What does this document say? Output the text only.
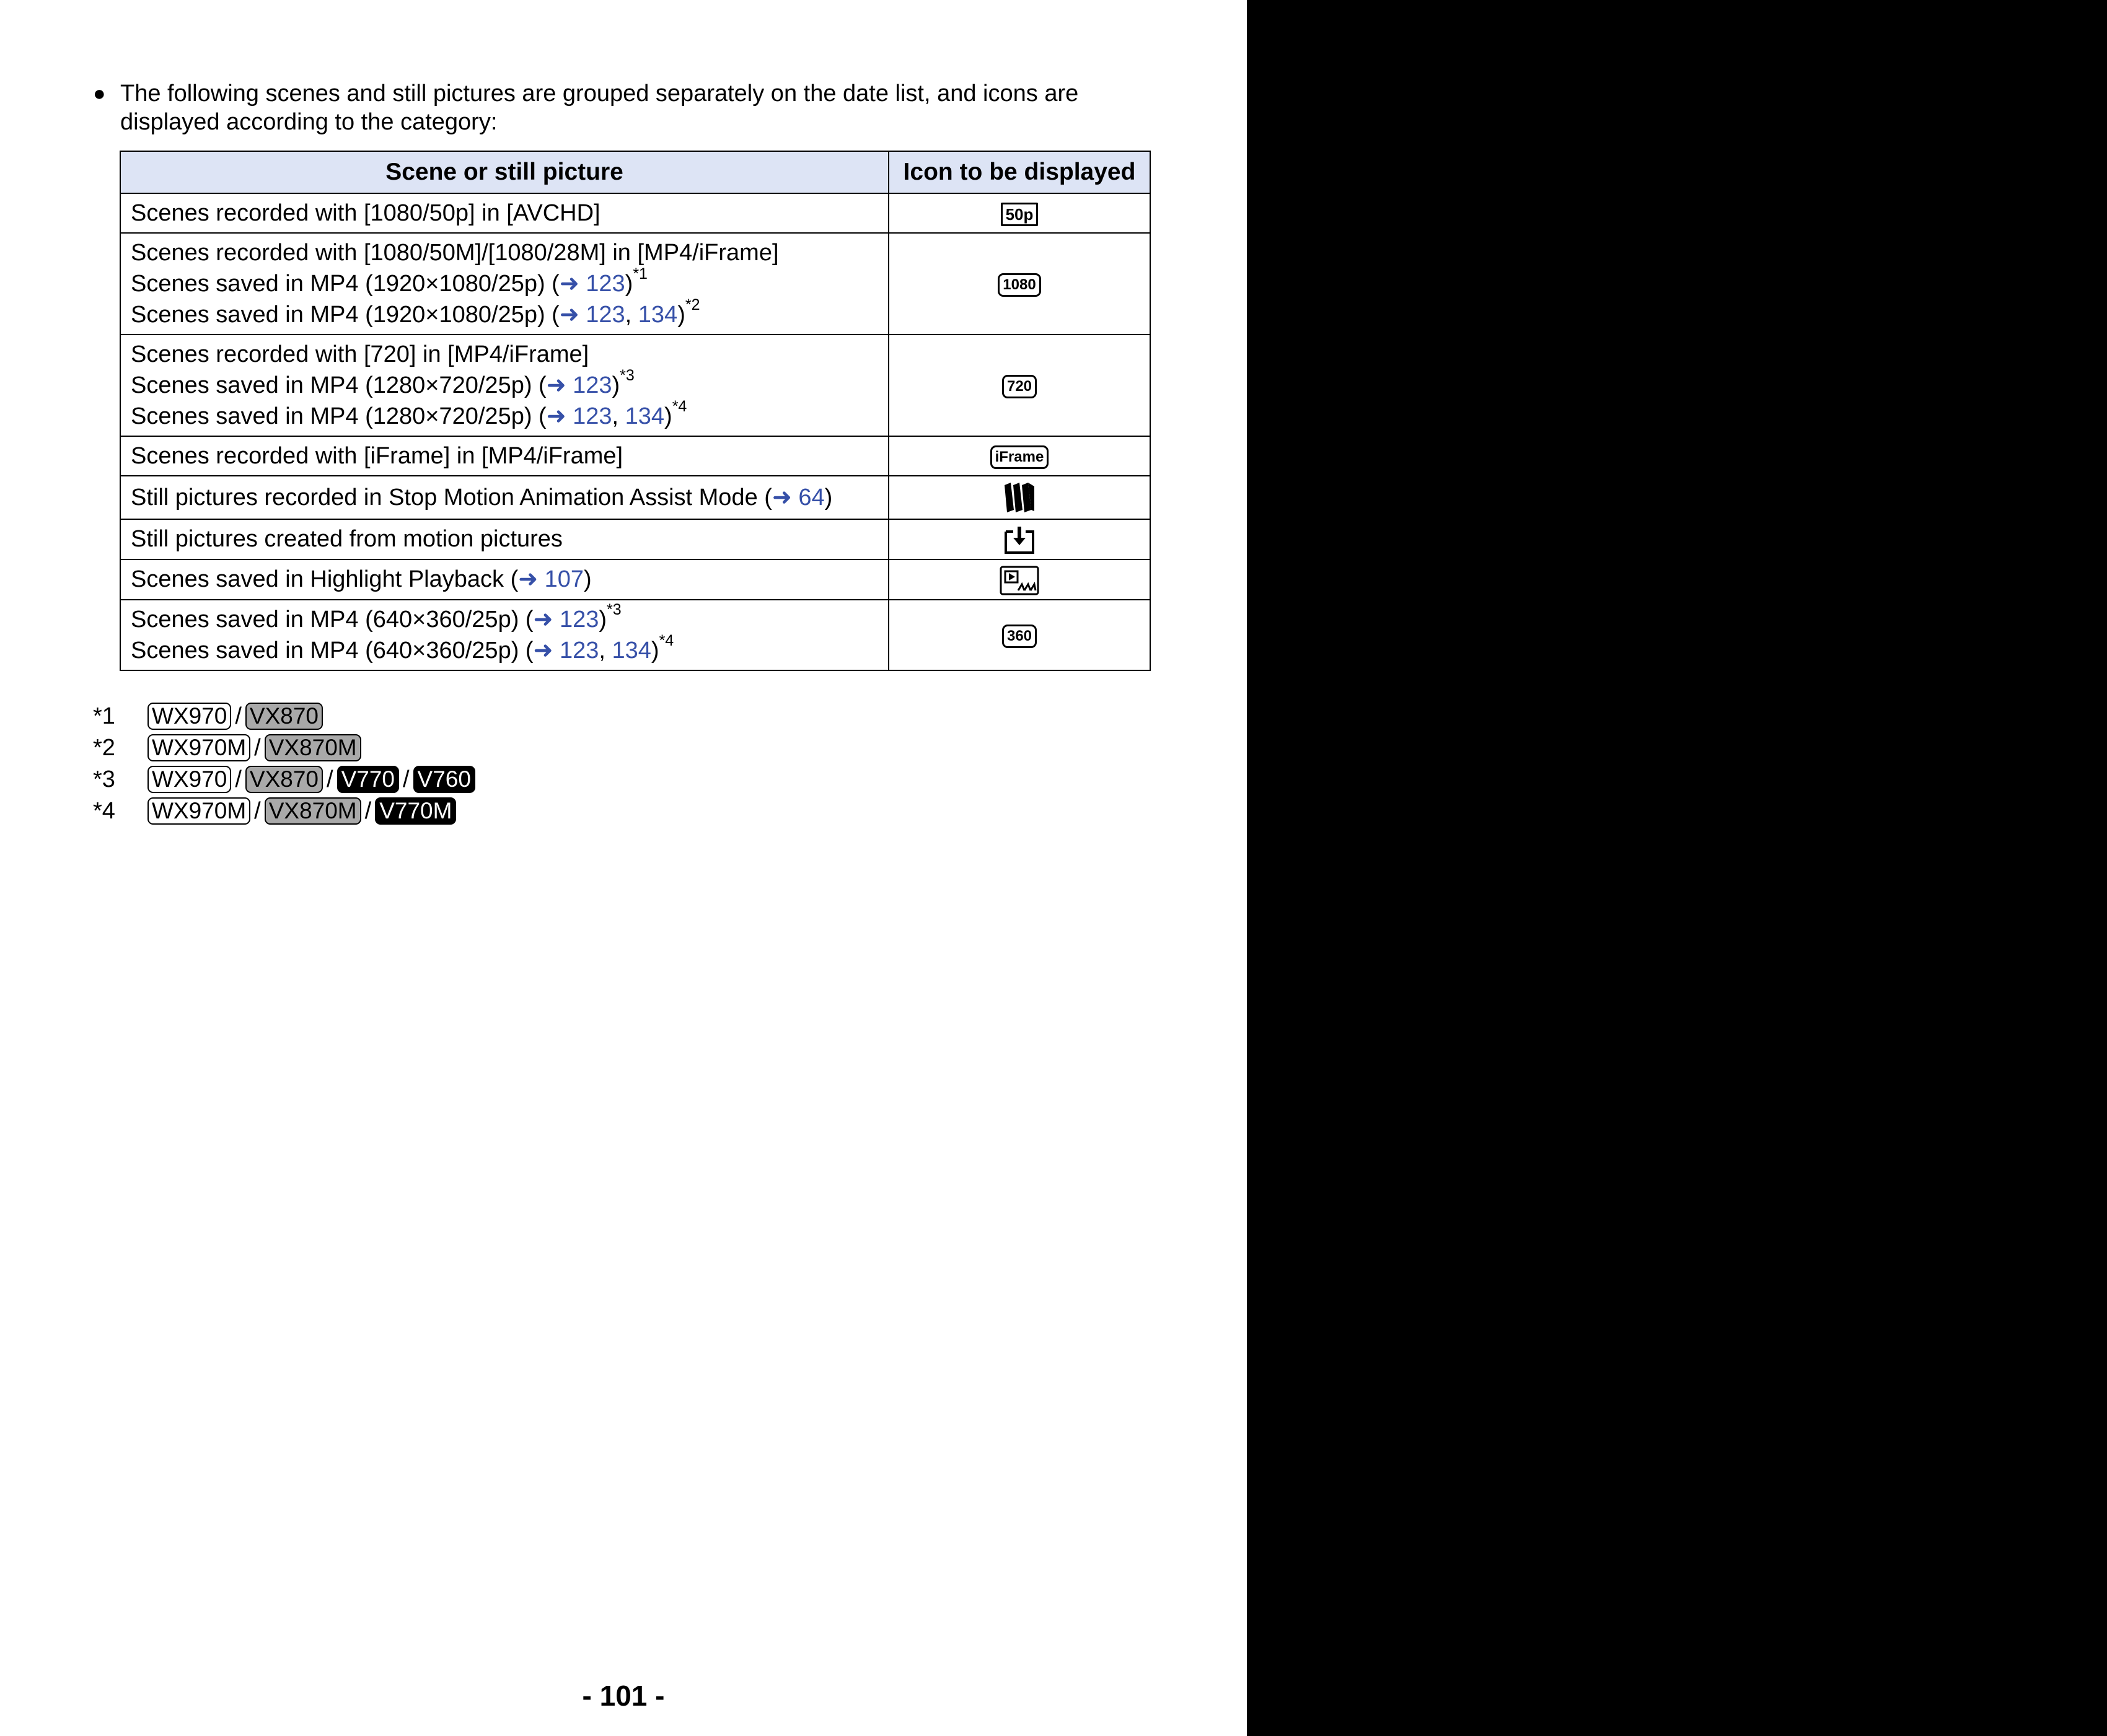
● The following scenes and still pictures are grouped separately on the date list, and icons are displayed according to the category:
Scene or still picture	Icon to be displayed

Scenes recorded with [1080/50p] in [AVCHD]	50p

Scenes recorded with [1080/50M]/[1080/28M] in [MP4/iFrame]
Scenes saved in MP4 (1920×1080/25p) (➜ 123)$^{*1}$
Scenes saved in MP4 (1920×1080/25p) (➜ 123, 134)$^{*2}$	1080

Scenes recorded with [720] in [MP4/iFrame]
Scenes saved in MP4 (1280×720/25p) (➜ 123)$^{*3}$
Scenes saved in MP4 (1280×720/25p) (➜ 123, 134)$^{*4}$	720

Scenes recorded with [iFrame] in [MP4/iFrame]	iFrame

Still pictures recorded in Stop Motion Animation Assist Mode (➜ 64)

Still pictures created from motion pictures

Scenes saved in Highlight Playback (➜ 107)

Scenes saved in MP4 (640×360/25p) (➜ 123)$^{*3}$
Scenes saved in MP4 (640×360/25p) (➜ 123, 134)$^{*4}$	360
*1	WX970 / VX870
*2	WX970M / VX870M
*3	WX970 / VX870 / V770 / V760
*4	WX970M / VX870M / V770M
- 101 -
